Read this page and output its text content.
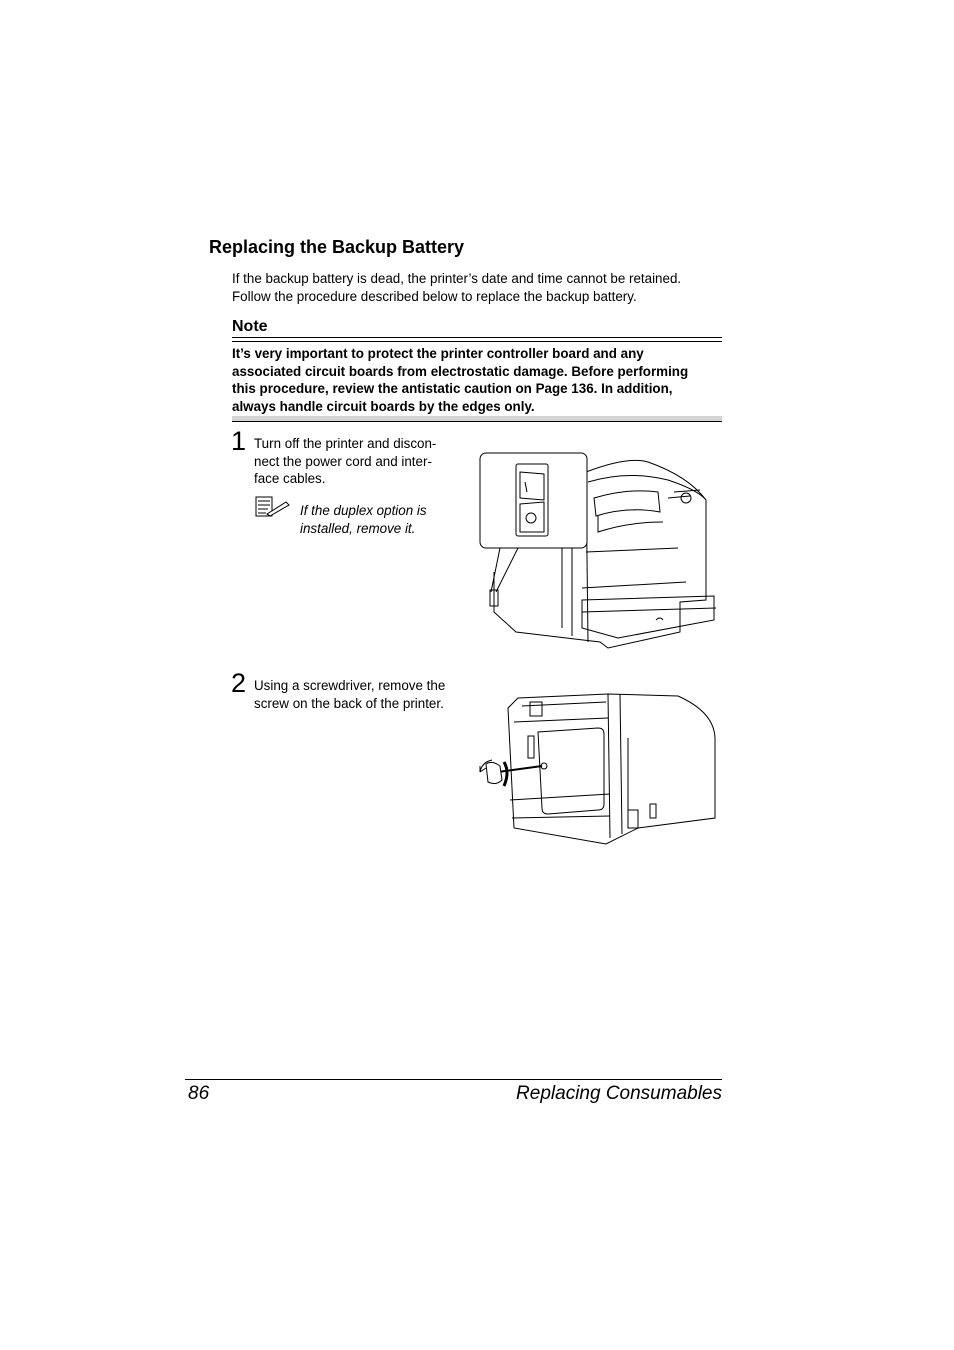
Replacing the Backup Battery
If the backup battery is dead, the printer’s date and time cannot be retained.
Follow the procedure described below to replace the backup battery.
Note
It’s very important to protect the printer controller board and any
associated circuit boards from electrostatic damage. Before performing
this procedure, review the antistatic caution on Page 136. In addition,
always handle circuit boards by the edges only.
1 Turn off the printer and discon-
nect the power cord and inter-
face cables.
If the duplex option is
installed, remove it.
2 Using a screwdriver, remove the
screw on the back of the printer.
86	Replacing Consumables
